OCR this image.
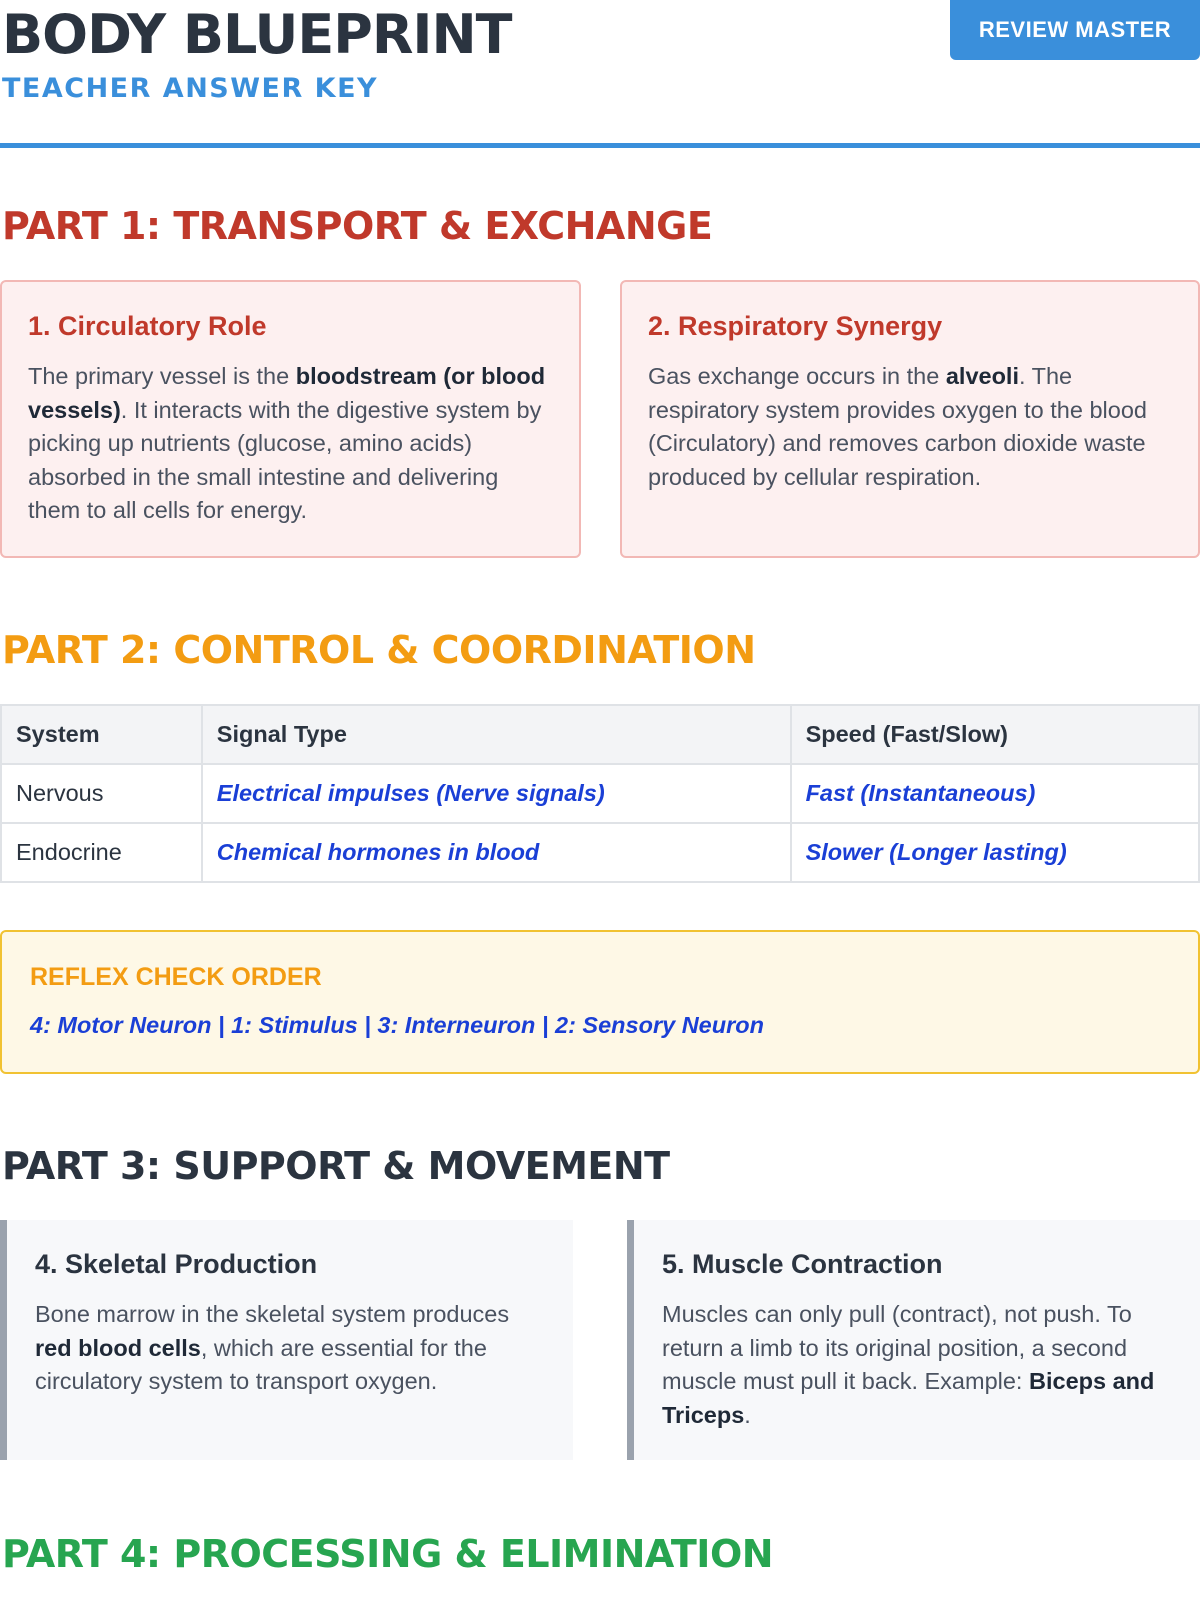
BODY BLUEPRINT
TEACHER ANSWER KEY
REVIEW MASTER
PART 1: TRANSPORT & EXCHANGE
1. Circulatory Role

The primary vessel is the bloodstream (or blood vessels). It interacts with the digestive system by picking up nutrients (glucose, amino acids) absorbed in the small intestine and delivering them to all cells for energy.

2. Respiratory Synergy

Gas exchange occurs in the alveoli. The respiratory system provides oxygen to the blood (Circulatory) and removes carbon dioxide waste produced by cellular respiration.

PART 2: CONTROL & COORDINATION
System	Signal Type	Speed (Fast/Slow)
Nervous	Electrical impulses (Nerve signals)	Fast (Instantaneous)
Endocrine	Chemical hormones in blood	Slower (Longer lasting)
REFLEX CHECK ORDER
4: Motor Neuron | 1: Stimulus | 3: Interneuron | 2: Sensory Neuron
PART 3: SUPPORT & MOVEMENT
4. Skeletal Production

Bone marrow in the skeletal system produces red blood cells, which are essential for the circulatory system to transport oxygen.

5. Muscle Contraction

Muscles can only pull (contract), not push. To return a limb to its original position, a second muscle must pull it back. Example: Biceps and Triceps.

PART 4: PROCESSING & ELIMINATION
